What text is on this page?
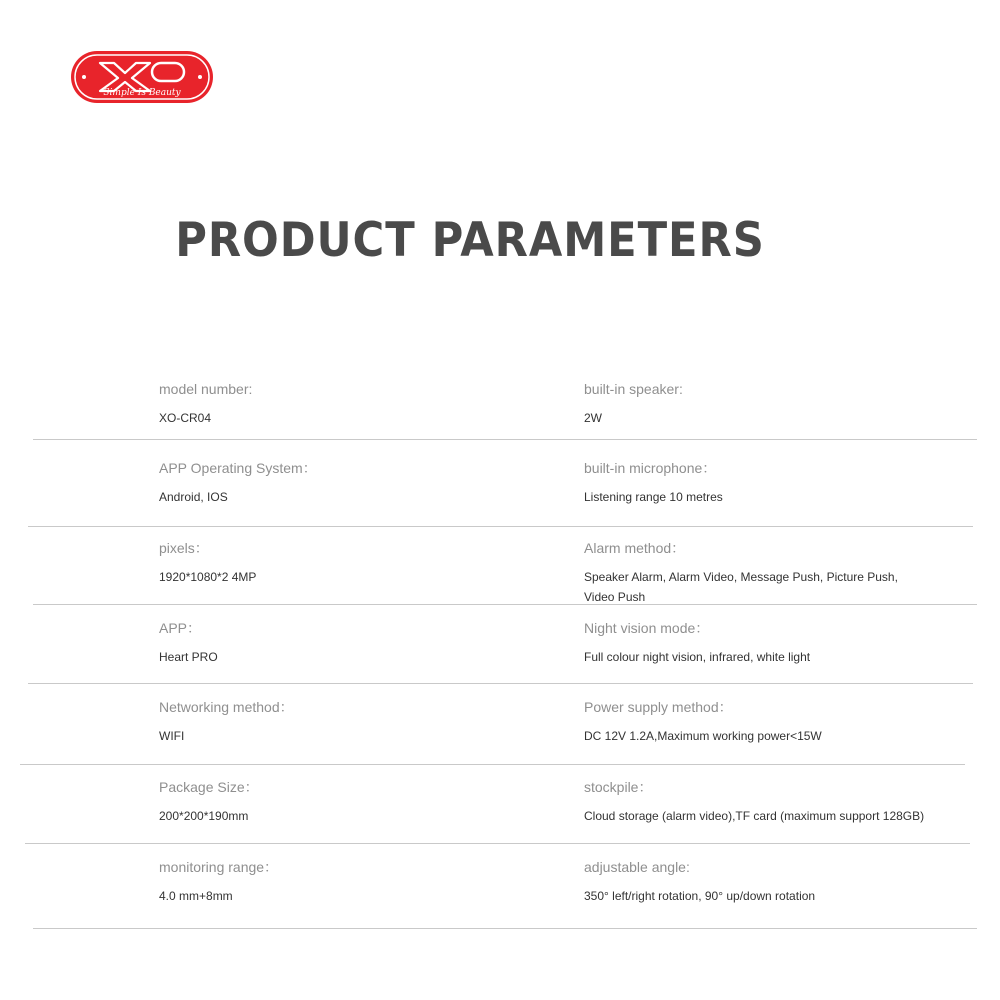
Simple Is Beauty
PRODUCT PARAMETERS

model number:

XO-CR04

built-in speaker:

2W

APP Operating System：

Android, IOS

built-in microphone：

Listening range 10 metres

pixels：

1920*1080*2 4MP

Alarm method：

Speaker Alarm, Alarm Video, Message Push, Picture Push, Video Push

APP：

Heart PRO

Night vision mode：

Full colour night vision, infrared, white light

Networking method：

WIFI

Power supply method：

DC 12V 1.2A,Maximum working power<15W

Package Size：

200*200*190mm

stockpile：

Cloud storage (alarm video),TF card (maximum support 128GB)

monitoring range：

4.0 mm+8mm

adjustable angle:

350° left/right rotation, 90° up/down rotation
